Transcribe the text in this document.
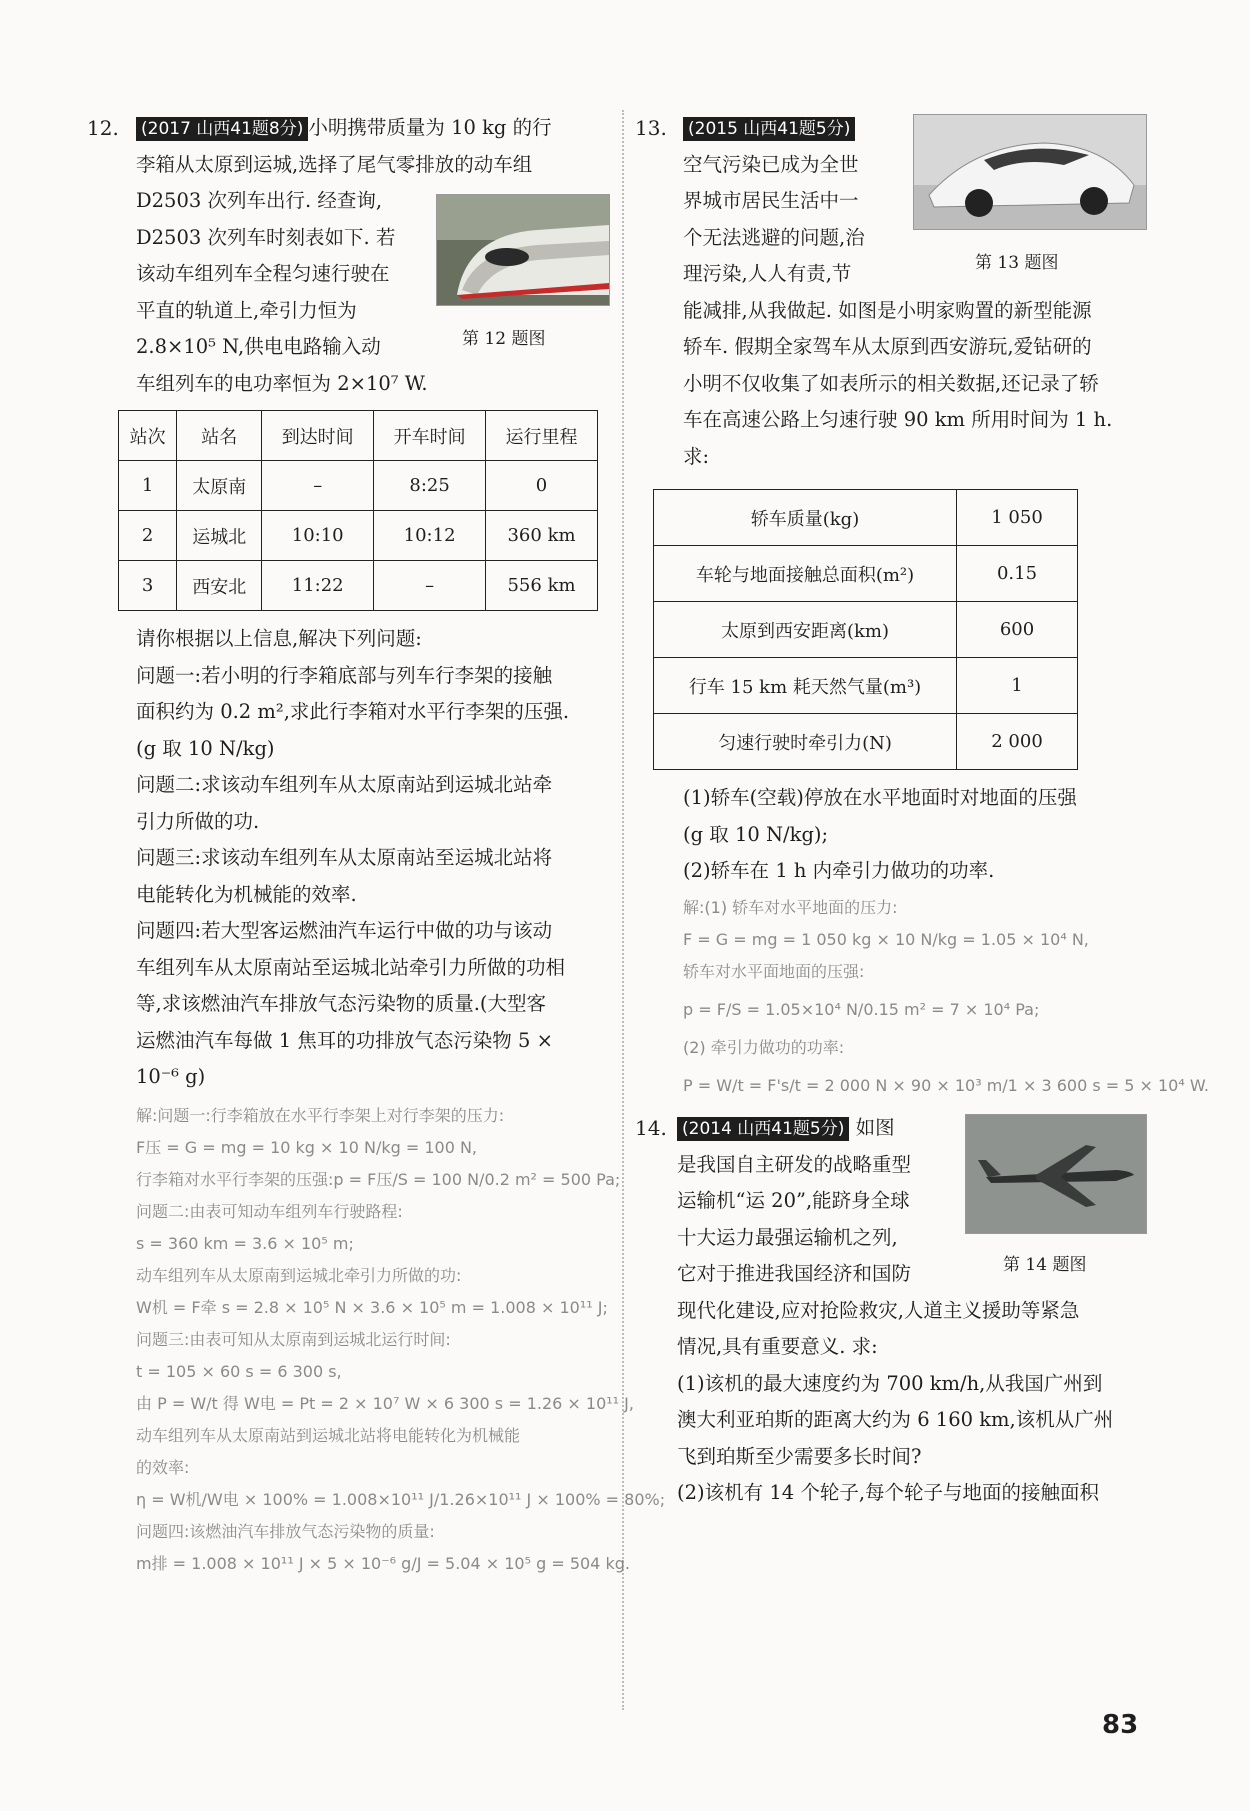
12. (2017 山西41题8分) 小明携带质量为 10 kg 的行
李箱从太原到运城,选择了尾气零排放的动车组
D2503 次列车出行. 经查询,
D2503 次列车时刻表如下. 若
该动车组列车全程匀速行驶在
平直的轨道上,牵引力恒为
2.8×10⁵ N,供电电路输入动
车组列车的电功率恒为 2×10⁷ W.
第 12 题图
站次	站名	到达时间	开车时间	运行里程
1	太原南	–	8:25	0
2	运城北	10:10	10:12	360 km
3	西安北	11:22	–	556 km
请你根据以上信息,解决下列问题:
问题一:若小明的行李箱底部与列车行李架的接触
面积约为 0.2 m²,求此行李箱对水平行李架的压强.
(g 取 10 N/kg)
问题二:求该动车组列车从太原南站到运城北站牵
引力所做的功.
问题三:求该动车组列车从太原南站至运城北站将
电能转化为机械能的效率.
问题四:若大型客运燃油汽车运行中做的功与该动
车组列车从太原南站至运城北站牵引力所做的功相
等,求该燃油汽车排放气态污染物的质量.(大型客
运燃油汽车每做 1 焦耳的功排放气态污染物 5 ×
10⁻⁶ g)
解:问题一:行李箱放在水平行李架上对行李架的压力:
F压 = G = mg = 10 kg × 10 N/kg = 100 N,
行李箱对水平行李架的压强:p = F压/S = 100 N/0.2 m² = 500 Pa;
问题二:由表可知动车组列车行驶路程:
s = 360 km = 3.6 × 10⁵ m;
动车组列车从太原南到运城北牵引力所做的功:
W机 = F牵 s = 2.8 × 10⁵ N × 3.6 × 10⁵ m = 1.008 × 10¹¹ J;
问题三:由表可知从太原南到运城北运行时间:
t = 105 × 60 s = 6 300 s,
由 P = W/t 得 W电 = Pt = 2 × 10⁷ W × 6 300 s = 1.26 × 10¹¹ J,
动车组列车从太原南站到运城北站将电能转化为机械能
的效率:
η = W机/W电 × 100% = 1.008×10¹¹ J/1.26×10¹¹ J × 100% = 80%;
问题四:该燃油汽车排放气态污染物的质量:
m排 = 1.008 × 10¹¹ J × 5 × 10⁻⁶ g/J = 5.04 × 10⁵ g = 504 kg.
13. (2015 山西41题5分)
空气污染已成为全世
界城市居民生活中一
个无法逃避的问题,治
理污染,人人有责,节
能减排,从我做起. 如图是小明家购置的新型能源
轿车. 假期全家驾车从太原到西安游玩,爱钻研的
小明不仅收集了如表所示的相关数据,还记录了轿
车在高速公路上匀速行驶 90 km 所用时间为 1 h.
求:
第 13 题图
轿车质量(kg)	1 050
车轮与地面接触总面积(m²)	0.15
太原到西安距离(km)	600
行车 15 km 耗天然气量(m³)	1
匀速行驶时牵引力(N)	2 000
(1)轿车(空载)停放在水平地面时对地面的压强
(g 取 10 N/kg);
(2)轿车在 1 h 内牵引力做功的功率.
解:(1) 轿车对水平地面的压力:
F = G = mg = 1 050 kg × 10 N/kg = 1.05 × 10⁴ N,
轿车对水平面地面的压强:
p = F/S = 1.05×10⁴ N/0.15 m² = 7 × 10⁴ Pa;
(2) 牵引力做功的功率:
P = W/t = F's/t = 2 000 N × 90 × 10³ m/1 × 3 600 s = 5 × 10⁴ W.
14. (2014 山西41题5分) 如图
是我国自主研发的战略重型
运输机“运 20”,能跻身全球
十大运力最强运输机之列,
它对于推进我国经济和国防
现代化建设,应对抢险救灾,人道主义援助等紧急
情况,具有重要意义. 求:
(1)该机的最大速度约为 700 km/h,从我国广州到
澳大利亚珀斯的距离大约为 6 160 km,该机从广州
飞到珀斯至少需要多长时间?
(2)该机有 14 个轮子,每个轮子与地面的接触面积
第 14 题图
83
